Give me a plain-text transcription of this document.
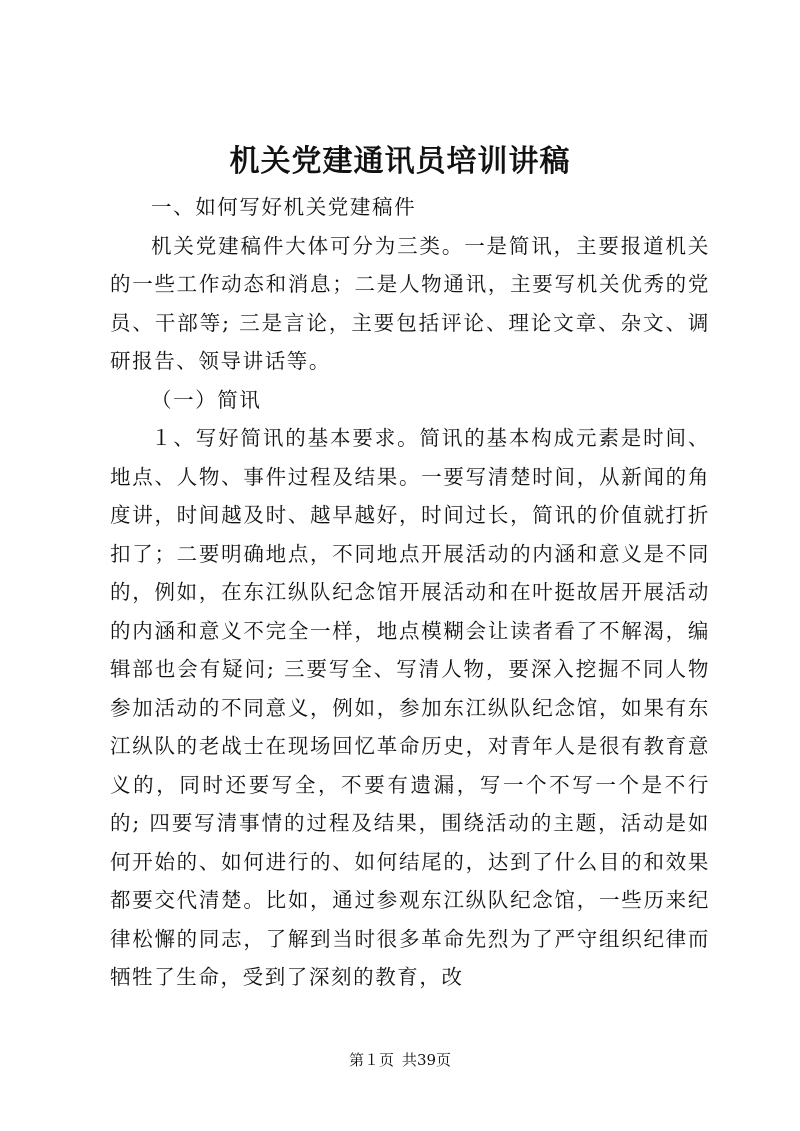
机关党建通讯员培训讲稿

一、如何写好机关党建稿件

机关党建稿件大体可分为三类。一是简讯，主要报道机关的一些工作动态和消息；二是人物通讯，主要写机关优秀的党员、干部等; 三是言论，主要包括评论、理论文章、杂文、调研报告、领导讲话等。

（一）简讯

１、写好简讯的基本要求。简讯的基本构成元素是时间、地点、人物、事件过程及结果。一要写清楚时间，从新闻的角度讲，时间越及时、越早越好，时间过长，简讯的价值就打折扣了；二要明确地点，不同地点开展活动的内涵和意义是不同的，例如，在东江纵队纪念馆开展活动和在叶挺故居开展活动的内涵和意义不完全一样，地点模糊会让读者看了不解渴，编辑部也会有疑问; 三要写全、写清人物，要深入挖掘不同人物参加活动的不同意义，例如，参加东江纵队纪念馆，如果有东江纵队的老战士在现场回忆革命历史，对青年人是很有教育意义的，同时还要写全，不要有遗漏，写一个不写一个是不行的; 四要写清事情的过程及结果，围绕活动的主题，活动是如何开始的、如何进行的、如何结尾的，达到了什么目的和效果都要交代清楚。比如，通过参观东江纵队纪念馆，一些历来纪律松懈的同志，了解到当时很多革命先烈为了严守组织纪律而牺牲了生命，受到了深刻的教育，改

第１页 共39页
